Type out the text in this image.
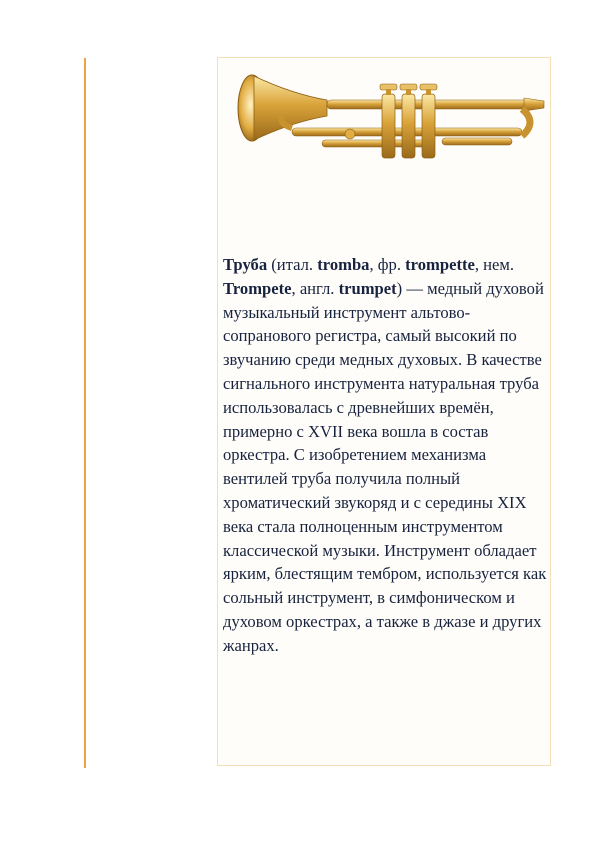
Труба (итал. tromba, фр. trompette, нем. Trompete, англ. trumpet) — медный духовой музыкальный инструмент альтово-сопранового регистра, самый высокий по звучанию среди медных духовых. В качестве сигнального инструмента натуральная труба использовалась с древнейших времён, примерно с XVII века вошла в состав оркестра. С изобретением механизма вентилей труба получила полный хроматический звукоряд и с середины XIX века стала полноценным инструментом классической музыки. Инструмент обладает ярким, блестящим тембром, используется как сольный инструмент, в симфоническом и духовом оркестрах, а также в джазе и других жанрах.
